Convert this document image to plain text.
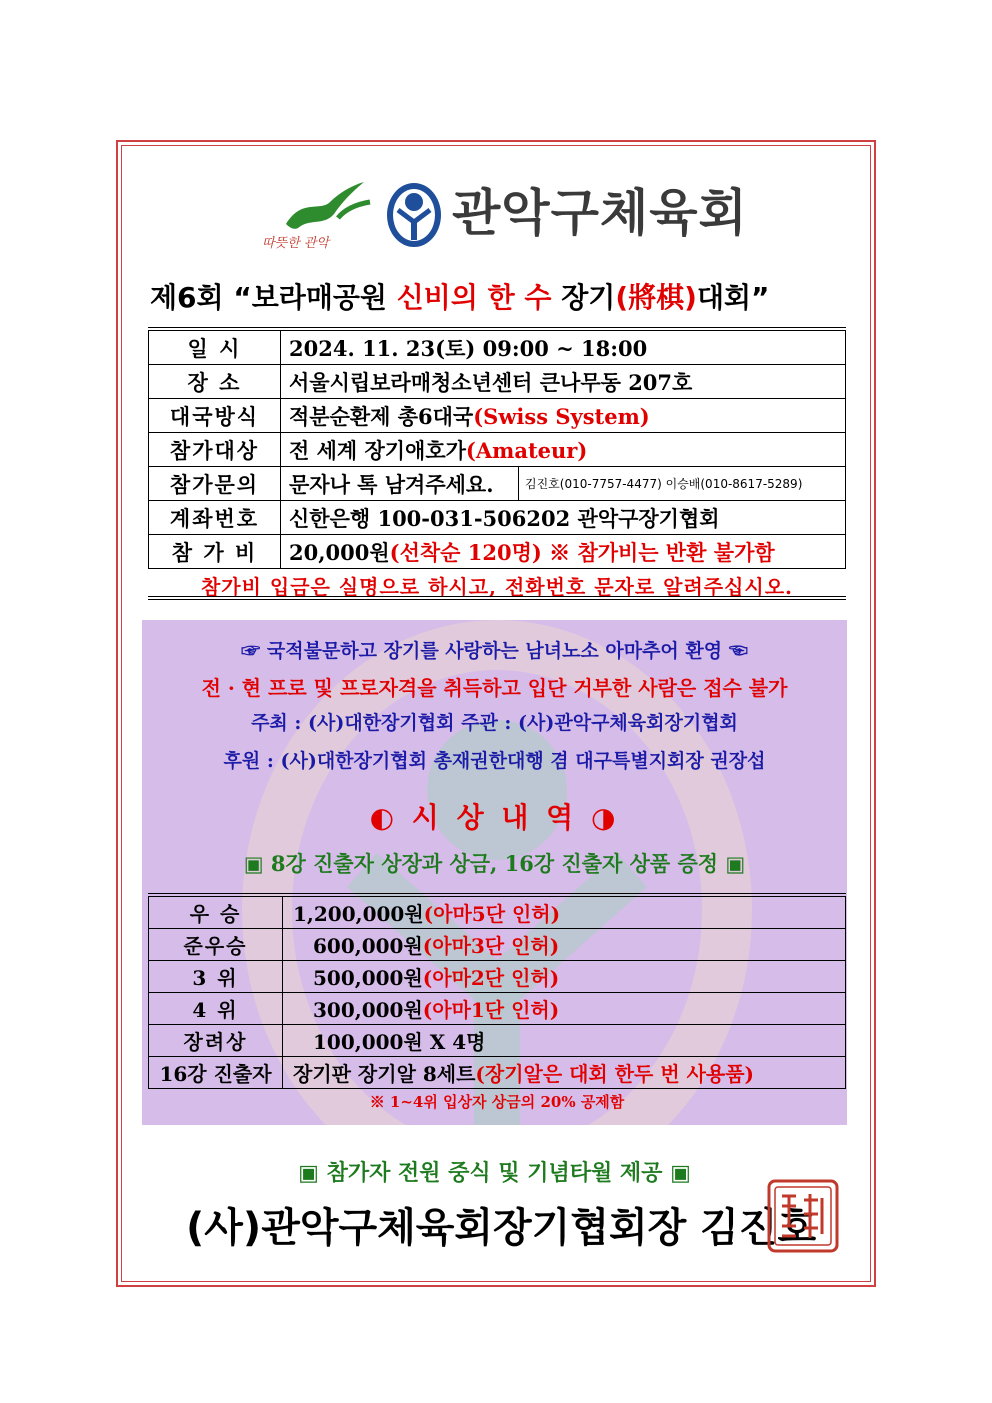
따뜻한 관악
관악구체육회
제6회 “보라매공원 신비의 한 수 장기(將棋)대회”
일 시	2024. 11. 23(토) 09:00 ~ 18:00	
장 소	서울시립보라매청소년센터 큰나무동 207호	
대국방식	적분순환제 총6대국(Swiss System)	
참가대상	전 세계 장기애호가(Amateur)	
참가문의	문자나 톡 남겨주세요.	김진호(010-7757-4477) 이승배(010-8617-5289)
계좌번호	신한은행 100-031-506202 관악구장기협회	
참 가 비	20,000원(선착순 120명) ※ 참가비는 반환 불가함	
참가비 입금은 실명으로 하시고, 전화번호 문자로 알려주십시오.		
☞ 국적불문하고 장기를 사랑하는 남녀노소 아마추어 환영 ☜
전 · 현 프로 및 프로자격을 취득하고 입단 거부한 사람은 접수 불가
주최 : (사)대한장기협회 주관 : (사)관악구체육회장기협회
후원 : (사)대한장기협회 총재권한대행 겸 대구특별지회장 권장섭
◐ 시 상 내 역 ◑
▣ 8강 진출자 상장과 상금, 16강 진출자 상품 증정 ▣
우 승	1,200,000원(아마5단 인허)
준우승	600,000원(아마3단 인허)
3 위	500,000원(아마2단 인허)
4 위	300,000원(아마1단 인허)
장려상	100,000원 X 4명
16강 진출자	장기판 장기알 8세트(장기알은 대회 한두 번 사용품)
※ 1~4위 입상자 상금의 20% 공제함	
▣ 참가자 전원 중식 및 기념타월 제공 ▣
(사)관악구체육회장기협회장 김진호
